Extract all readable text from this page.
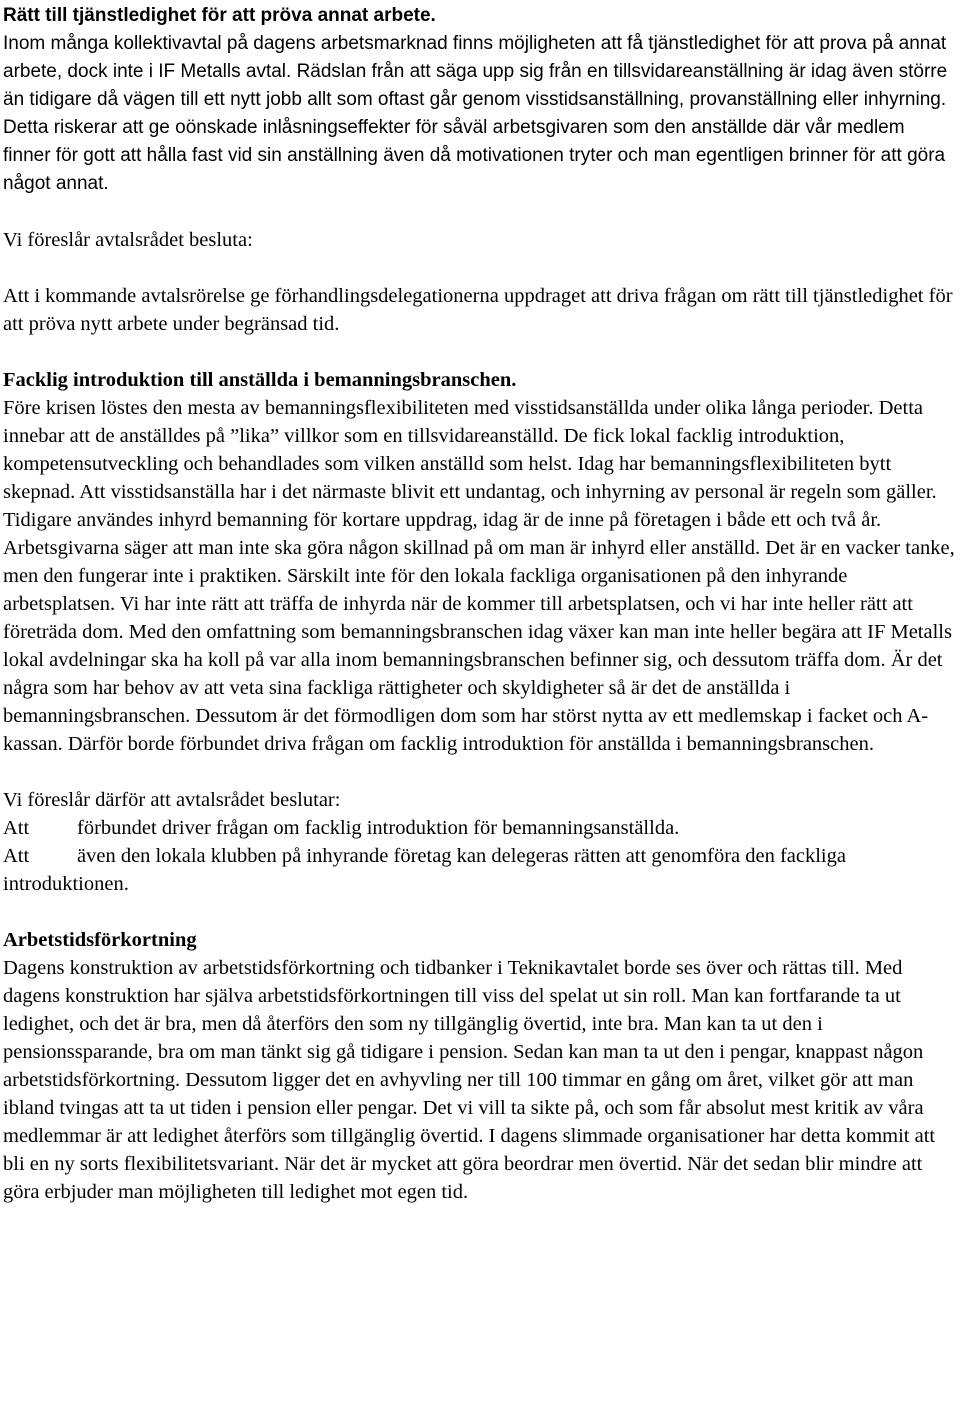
Rätt till tjänstledighet för att pröva annat arbete.
Inom många kollektivavtal på dagens arbetsmarknad finns möjligheten att få tjänstledighet för att prova på annat arbete, dock inte i IF Metalls avtal. Rädslan från att säga upp sig från en tillsvidareanställning är idag även större än tidigare då vägen till ett nytt jobb allt som oftast går genom visstidsanställning, provanställning eller inhyrning. Detta riskerar att ge oönskade inlåsningseffekter för såväl arbetsgivaren som den anställde där vår medlem finner för gott att hålla fast vid sin anställning även då motivationen tryter och man egentligen brinner för att göra något annat.

Vi föreslår avtalsrådet besluta:

Att i kommande avtalsrörelse ge förhandlingsdelegationerna uppdraget att driva frågan om rätt till tjänstledighet för att pröva nytt arbete under begränsad tid.

Facklig introduktion till anställda i bemanningsbranschen.
Före krisen löstes den mesta av bemanningsflexibiliteten med visstidsanställda under olika långa perioder. Detta innebar att de anställdes på ”lika” villkor som en tillsvidareanställd. De fick lokal facklig introduktion, kompetensutveckling och behandlades som vilken anställd som helst. Idag har bemanningsflexibiliteten bytt skepnad. Att visstidsanställa har i det närmaste blivit ett undantag, och inhyrning av personal är regeln som gäller. Tidigare användes inhyrd bemanning för kortare uppdrag, idag är de inne på företagen i både ett och två år. Arbetsgivarna säger att man inte ska göra någon skillnad på om man är inhyrd eller anställd. Det är en vacker tanke, men den fungerar inte i praktiken. Särskilt inte för den lokala fackliga organisationen på den inhyrande arbetsplatsen. Vi har inte rätt att träffa de inhyrda när de kommer till arbetsplatsen, och vi har inte heller rätt att företräda dom. Med den omfattning som bemanningsbranschen idag växer kan man inte heller begära att IF Metalls lokal avdelningar ska ha koll på var alla inom bemanningsbranschen befinner sig, och dessutom träffa dom. Är det några som har behov av att veta sina fackliga rättigheter och skyldigheter så är det de anställda i bemanningsbranschen. Dessutom är det förmodligen dom som har störst nytta av ett medlemskap i facket och A-kassan. Därför borde förbundet driva frågan om facklig introduktion för anställda i bemanningsbranschen.

Vi föreslår därför att avtalsrådet beslutar:

Att förbundet driver frågan om facklig introduktion för bemanningsanställda.

Att även den lokala klubben på inhyrande företag kan delegeras rätten att genomföra den fackliga introduktionen.

Arbetstidsförkortning
Dagens konstruktion av arbetstidsförkortning och tidbanker i Teknikavtalet borde ses över och rättas till. Med dagens konstruktion har själva arbetstidsförkortningen till viss del spelat ut sin roll. Man kan fortfarande ta ut ledighet, och det är bra, men då återförs den som ny tillgänglig övertid, inte bra. Man kan ta ut den i pensionssparande, bra om man tänkt sig gå tidigare i pension. Sedan kan man ta ut den i pengar, knappast någon arbetstidsförkortning. Dessutom ligger det en avhyvling ner till 100 timmar en gång om året, vilket gör att man ibland tvingas att ta ut tiden i pension eller pengar. Det vi vill ta sikte på, och som får absolut mest kritik av våra medlemmar är att ledighet återförs som tillgänglig övertid. I dagens slimmade organisationer har detta kommit att bli en ny sorts flexibilitetsvariant. När det är mycket att göra beordrar men övertid. När det sedan blir mindre att göra erbjuder man möjligheten till ledighet mot egen tid.
